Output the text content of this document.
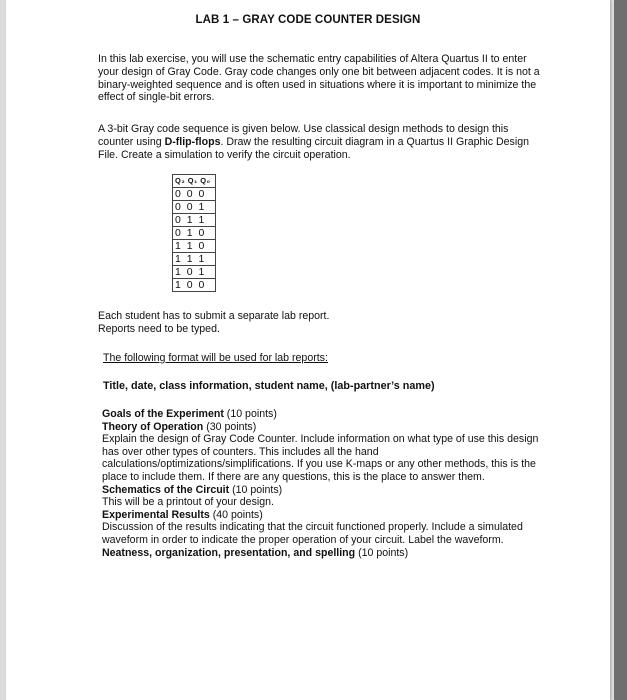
LAB 1 – GRAY CODE COUNTER DESIGN
In this lab exercise, you will use the schematic entry capabilities of Altera Quartus II to enter your design of Gray Code. Gray code changes only one bit between adjacent codes. It is not a binary-weighted sequence and is often used in situations where it is important to minimize the effect of single-bit errors.
A 3-bit Gray code sequence is given below. Use classical design methods to design this counter using D-flip-flops. Draw the resulting circuit diagram in a Quartus II Graphic Design File. Create a simulation to verify the circuit operation.
Q₂ Q₁ Q₀
0 0 0
0 0 1
0 1 1
0 1 0
1 1 0
1 1 1
1 0 1
1 0 0
Each student has to submit a separate lab report.
Reports need to be typed.
The following format will be used for lab reports:
Title, date, class information, student name, (lab-partner’s name)
Goals of the Experiment (10 points)
Theory of Operation (30 points)
Explain the design of Gray Code Counter. Include information on what type of use this design has over other types of counters. This includes all the hand calculations/optimizations/simplifications. If you use K-maps or any other methods, this is the place to include them. If there are any questions, this is the place to answer them.
Schematics of the Circuit (10 points)
This will be a printout of your design.
Experimental Results (40 points)
Discussion of the results indicating that the circuit functioned properly. Include a simulated waveform in order to indicate the proper operation of your circuit. Label the waveform.
Neatness, organization, presentation, and spelling (10 points)
